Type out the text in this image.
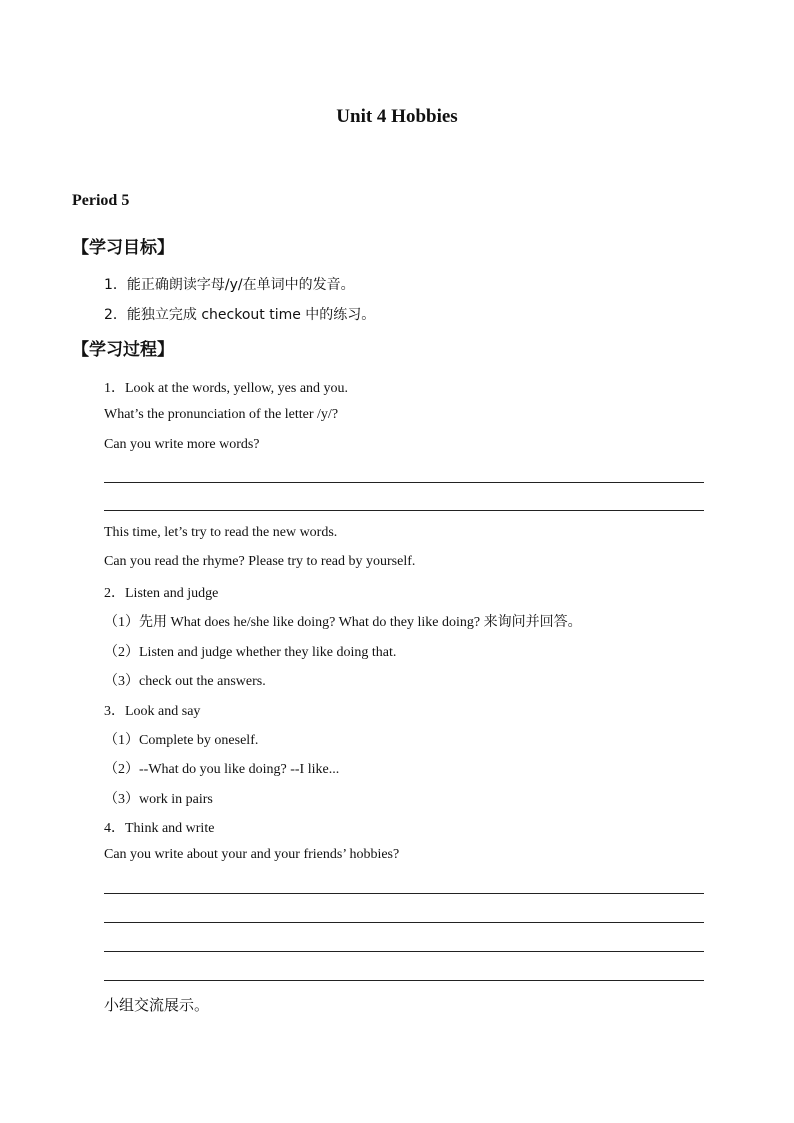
Unit 4 Hobbies
Period 5
【学习目标】
1．能正确朗读字母/y/在单词中的发音。
2．能独立完成 checkout time 中的练习。
【学习过程】
1．Look at the words, yellow, yes and you.
What’s the pronunciation of the letter /y/?
Can you write more words?
This time, let’s try to read the new words.
Can you read the rhyme? Please try to read by yourself.
2．Listen and judge
（1）先用 What does he/she like doing? What do they like doing? 来询问并回答。
（2）Listen and judge whether they like doing that.
（3）check out the answers.
3．Look and say
（1）Complete by oneself.
（2）--What do you like doing? --I like...
（3）work in pairs
4．Think and write
Can you write about your and your friends’ hobbies?
小组交流展示。
